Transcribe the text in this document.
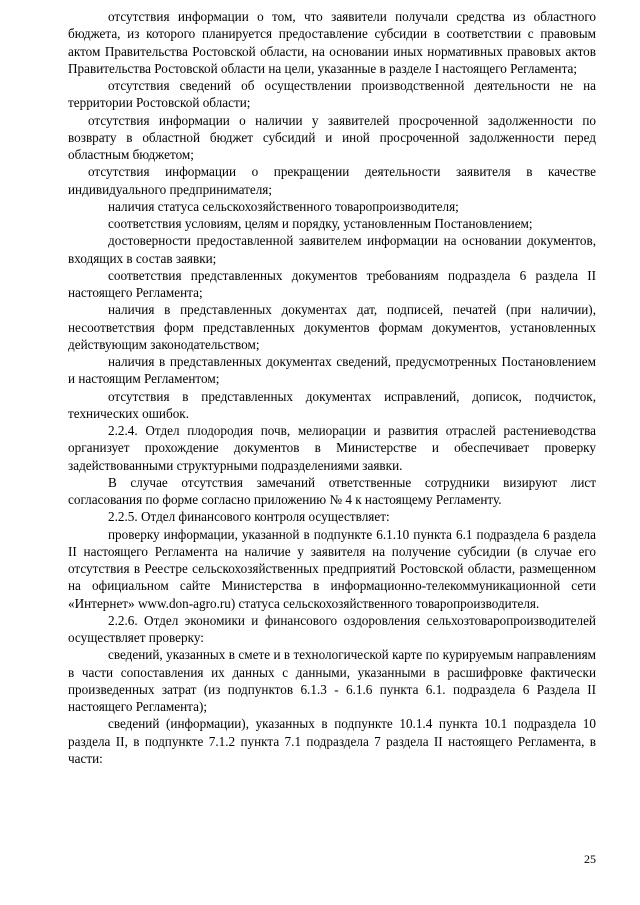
отсутствия информации о том, что заявители получали средства из областного бюджета, из которого планируется предоставление субсидии в соответствии с правовым актом Правительства Ростовской области, на основании иных нормативных правовых актов Правительства Ростовской области на цели, указанные в разделе I настоящего Регламента;

отсутствия сведений об осуществлении производственной деятельности не на территории Ростовской области;

отсутствия информации о наличии у заявителей просроченной задолженности по возврату в областной бюджет субсидий и иной просроченной задолженности перед областным бюджетом;

отсутствия информации о прекращении деятельности заявителя в качестве индивидуального предпринимателя;

наличия статуса сельскохозяйственного товаропроизводителя;

соответствия условиям, целям и порядку, установленным Постановлением;

достоверности предоставленной заявителем информации на основании документов, входящих в состав заявки;

соответствия представленных документов требованиям подраздела 6 раздела II настоящего Регламента;

наличия в представленных документах дат, подписей, печатей (при наличии), несоответствия форм представленных документов формам документов, установленных действующим законодательством;

наличия в представленных документах сведений, предусмотренных Постановлением и настоящим Регламентом;

отсутствия в представленных документах исправлений, дописок, подчисток, технических ошибок.

2.2.4. Отдел плодородия почв, мелиорации и развития отраслей растениеводства организует прохождение документов в Министерстве и обеспечивает проверку задействованными структурными подразделениями заявки.

В случае отсутствия замечаний ответственные сотрудники визируют лист согласования по форме согласно приложению № 4 к настоящему Регламенту.

2.2.5. Отдел финансового контроля осуществляет:

проверку информации, указанной в подпункте 6.1.10 пункта 6.1 подраздела 6 раздела II настоящего Регламента на наличие у заявителя на получение субсидии (в случае его отсутствия в Реестре сельскохозяйственных предприятий Ростовской области, размещенном на официальном сайте Министерства в информационно-телекоммуникационной сети «Интернет» www.don-agro.ru) статуса сельскохозяйственного товаропроизводителя.

2.2.6. Отдел экономики и финансового оздоровления сельхозтоваропроизводителей осуществляет проверку:

сведений, указанных в смете и в технологической карте по курируемым направлениям в части сопоставления их данных с данными, указанными в расшифровке фактически произведенных затрат (из подпунктов 6.1.3 - 6.1.6 пункта 6.1. подраздела 6 Раздела II настоящего Регламента);

сведений (информации), указанных в подпункте 10.1.4 пункта 10.1 подраздела 10 раздела II, в подпункте 7.1.2 пункта 7.1 подраздела 7 раздела II настоящего Регламента, в части:

25
